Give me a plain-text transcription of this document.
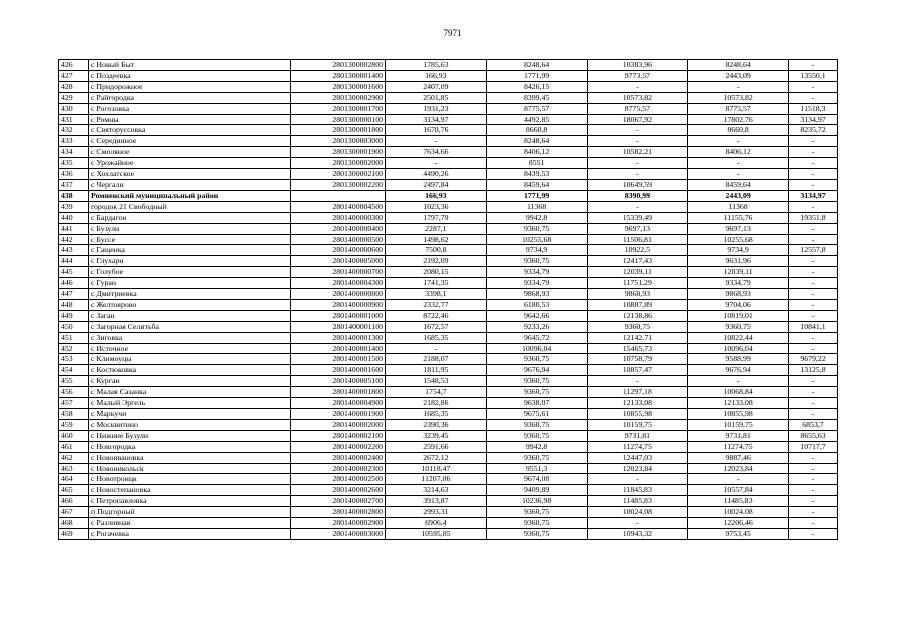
7971
426	с Новый Быт	2801300002800	1785,63	8248,64	10383,96	8248,64	-
427	с Поздеевка	2801300001400	166,93	1771,99	9773,57	2443,09	13550,1
428	с Придорожное	2801300001600	2407,09	8426,15	-	-	-
429	с Райгородка	2801300002900	2501,85	8399,45	10573,82	10573,82	-
430	с Рогозовка	2801300001700	1931,23	8775,57	8775,57	8775,57	11518,3
431	с Ромны	2801300000100	3134,97	4492,85	18067,92	17802,76	3134,97
432	с Святоруссовка	2801300001800	1678,76	8660,8	-	8660,8	8235,72
433	с Серединное	2801300003000	-	8248,64	-	-	-
434	с Смоляное	2801300001900	7634,66	8406,12	10582,21	8406,12	-
435	с Урожайное	2801300002000	-	8551	-	-	-
436	с Хохлатское	2801300002100	4490,26	8439,53	-	-	-
437	с Чергали	2801300002200	2497,84	8459,64	10649,59	8459,64	-
438	Ромненский муниципальный район		166,93	1771,99	8390,99	2443,09	3134,97
439	городок 21 Свободный	2801400004500	1023,36	11368	-	11368	-
440	с Бардагон	2801400000300	1797,79	9942,8	15339,49	11155,76	19351,8
441	с Бузули	2801400000400	2287,1	9360,75	9697,13	9697,13	-
442	с Буссе	2801400000500	1498,62	10255,68	11506,81	10255,68	-
443	с Гащенка	2801400000600	7500,8	9734,9	10922,5	9734,9	12557,8
444	с Глухари	2801400005000	2192,09	9360,75	12417,43	9631,96	-
445	с Голубое	2801400000700	2080,15	9334,79	12039,11	12039,11	-
446	с Гуран	2801400004300	1741,35	9334,79	11751,29	9334,79	-
447	с Дмитриевка	2801400000800	3398,1	9868,93	9868,93	9868,93	-
448	с Желтоярово	2801400000900	2332,77	6180,53	10887,89	9704,06	-
449	с Заган	2801400001000	8722,46	9642,66	12138,86	10819,01	-
450	с Загорная Селитьба	2801400001100	1672,57	9233,26	9360,75	9360,75	10841,1
451	с Зиговка	2801400001300	1685,35	9645,72	12142,71	10822,44	-
452	с Источное	2801400001400	-	10096,04	15465,73	10096,04	-
453	с Климоуцы	2801400001500	2188,07	9360,75	10758,79	9588,99	9679,22
454	с Костюковка	2801400001600	1811,95	9676,94	10857,47	9676,94	13125,8
455	с Курган	2801400005100	1548,53	9360,75	-	-	-
456	с Малая Сазанка	2801400001800	1754,7	9360,75	11297,18	10068,84	-
457	с Малый Эргель	2801400004900	2182,86	9638,07	12133,08	12133,08	-
458	с Маркучи	2801400001900	1685,35	9675,61	10855,98	10855,98	-
459	с Москвитино	2801400002000	2390,36	9360,75	10159,75	10159,75	6853,7
460	с Нижние Бузули	2801400002100	3239,45	9360,75	9731,81	9731,81	8655,63
461	с Новгородка	2801400002200	2591,66	9942,8	11274,75	11274,75	10717,7
462	с Новоивановка	2801400002400	2672,12	9360,75	12447,03	9887,46	-
463	с Новоникольск	2801400002300	10118,47	9551,3	12023,84	12023,84	-
464	с Новотроицк	2801400002500	11207,06	9674,08	-	-	-
465	с Новостепановка	2801400002600	3214,63	9409,89	11845,83	10557,84	-
466	с Петропавловка	2801400002700	3913,87	10236,98	11485,83	11485,83	-
467	п Подгорный	2801400002800	2993,31	9360,75	10024,08	10024,08	-
468	с Разливная	2801400002900	6906,4	9360,75	-	12206,46	-
469	с Рогачевка	2801400003000	10595,85	9360,75	10943,32	9753,45	-
